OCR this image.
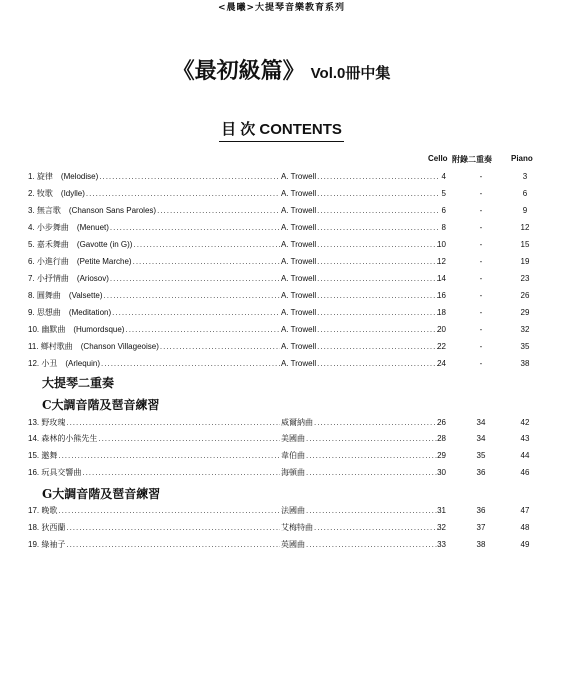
<晨曦>大提琴音樂教育系列
《最初級篇》 Vol.0冊中集
目 次 CONTENTS
Cello 附錄二重奏 Piano
1. 旋律 (Melodise) .....	A. Trowell .....	4	-	3
2. 牧歌 (Idylle) .....	A. Trowell .....	5	-	6
3. 無言歌 (Chanson Sans Paroles) .....	A. Trowell .....	6	-	9
4. 小步舞曲 (Menuet) .....	A. Trowell .....	8	-	12
5. 嘉禾舞曲 (Gavotte (in G)) .....	A. Trowell .....	10	-	15
6. 小進行曲 (Petite Marche) .....	A. Trowell .....	12	-	19
7. 小抒情曲 (Ariosov) .....	A. Trowell .....	14	-	23
8. 圓舞曲 (Valsette) .....	A. Trowell .....	16	-	26
9. 思想曲 (Meditation) .....	A. Trowell .....	18	-	29
10. 幽默曲 (Humordsque) .....	A. Trowell .....	20	-	32
11. 鄉村歌曲 (Chanson Villageoise) .....	A. Trowell .....	22	-	35
12. 小丑 (Arlequin) .....	A. Trowell .....	24	-	38
大提琴二重奏
C大調音階及琶音練習
13. 野玫瑰 .....	威爾納曲 .....	26	34	42
14. 森林的小熊先生 .....	美國曲 .....	28	34	43
15. 邀舞 .....	韋伯曲 .....	29	35	44
16. 玩具交響曲 .....	海頓曲 .....	30	36	46
G大調音階及琶音練習
17. 晚歌 .....	法國曲 .....	31	36	47
18. 狄西蘭 .....	艾梅特曲 .....	32	37	48
19. 綠袖子 .....	英國曲 .....	33	38	49
